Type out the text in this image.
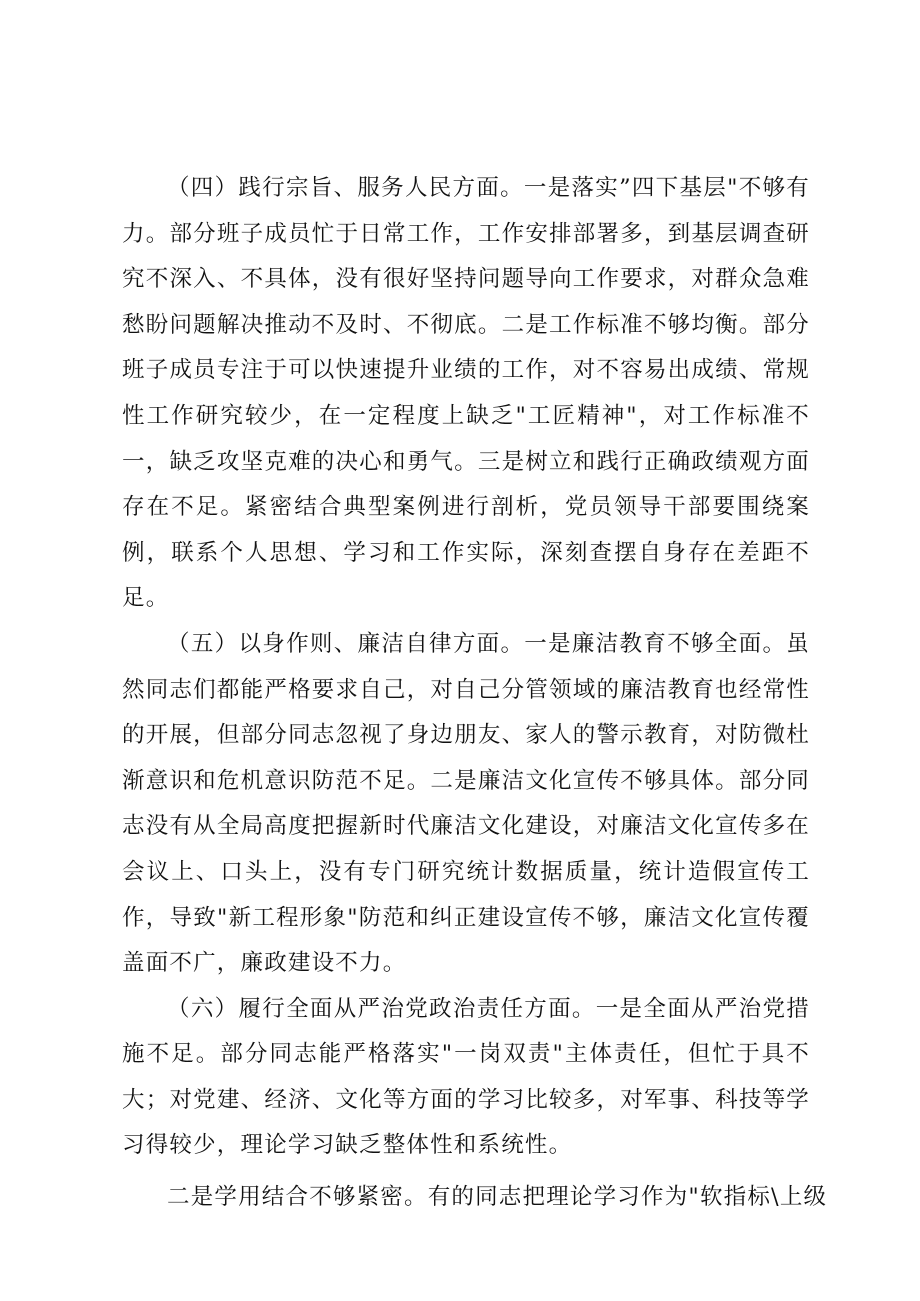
（四）践行宗旨、服务人民方面。一是落实”四下基层"不够有力。部分班子成员忙于日常工作，工作安排部署多，到基层调查研究不深入、不具体，没有很好坚持问题导向工作要求，对群众急难愁盼问题解决推动不及时、不彻底。二是工作标准不够均衡。部分班子成员专注于可以快速提升业绩的工作，对不容易出成绩、常规性工作研究较少，在一定程度上缺乏"工匠精神"，对工作标准不一，缺乏攻坚克难的决心和勇气。三是树立和践行正确政绩观方面存在不足。紧密结合典型案例进行剖析，党员领导干部要围绕案例，联系个人思想、学习和工作实际，深刻查摆自身存在差距不足。

（五）以身作则、廉洁自律方面。一是廉洁教育不够全面。虽然同志们都能严格要求自己，对自己分管领域的廉洁教育也经常性的开展，但部分同志忽视了身边朋友、家人的警示教育，对防微杜渐意识和危机意识防范不足。二是廉洁文化宣传不够具体。部分同志没有从全局高度把握新时代廉洁文化建设，对廉洁文化宣传多在会议上、口头上，没有专门研究统计数据质量，统计造假宣传工作，导致"新工程形象"防范和纠正建设宣传不够，廉洁文化宣传覆盖面不广，廉政建设不力。

（六）履行全面从严治党政治责任方面。一是全面从严治党措施不足。部分同志能严格落实"一岗双责"主体责任，但忙于具不大；对党建、经济、文化等方面的学习比较多，对军事、科技等学习得较少，理论学习缺乏整体性和系统性。

二是学用结合不够紧密。有的同志把理论学习作为"软指标\上级
